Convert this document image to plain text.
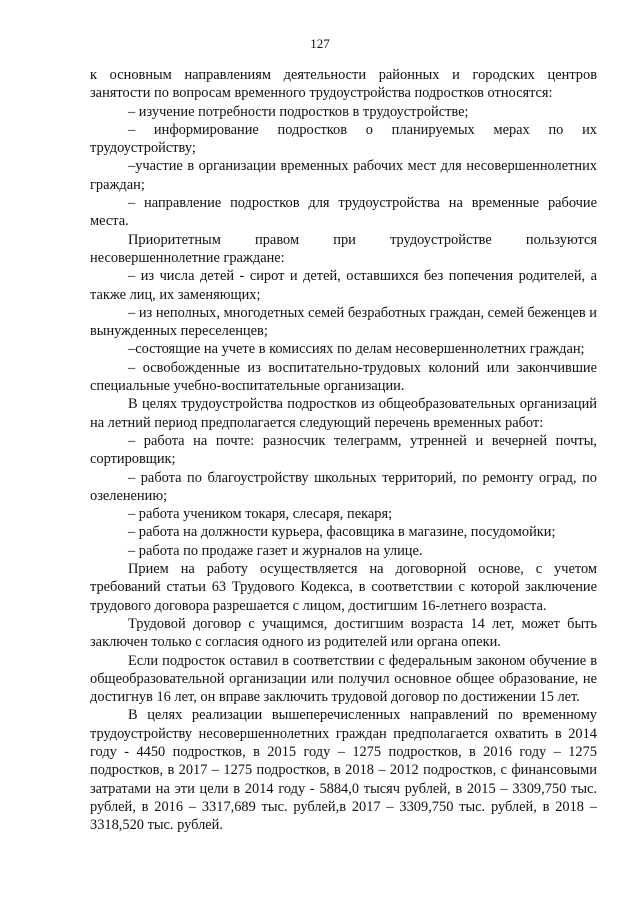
127

к основным направлениям деятельности районных и городских центров занятости по вопросам временного трудоустройства подростков относятся:

– изучение потребности подростков в трудоустройстве;

– информирование подростков о планируемых мерах по их трудоустройству;

–участие в организации временных рабочих мест для несовершеннолетних граждан;

– направление подростков для трудоустройства на временные рабочие места.

Приоритетным правом при трудоустройстве пользуются несовершеннолетние граждане:

– из числа детей - сирот и детей, оставшихся без попечения родителей, а также лиц, их заменяющих;

– из неполных, многодетных семей безработных граждан, семей беженцев и вынужденных переселенцев;

–состоящие на учете в комиссиях по делам несовершеннолетних граждан;

– освобожденные из воспитательно-трудовых колоний или закончившие специальные учебно-воспитательные организации.

В целях трудоустройства подростков из общеобразовательных организаций на летний период предполагается следующий перечень временных работ:

– работа на почте: разносчик телеграмм, утренней и вечерней почты, сортировщик;

– работа по благоустройству школьных территорий, по ремонту оград, по озеленению;

– работа учеником токаря, слесаря, пекаря;

– работа на должности курьера, фасовщика в магазине, посудомойки;

– работа по продаже газет и журналов на улице.

Прием на работу осуществляется на договорной основе, с учетом требований статьи 63 Трудового Кодекса, в соответствии с которой заключение трудового договора разрешается с лицом, достигшим 16-летнего возраста.

Трудовой договор с учащимся, достигшим возраста 14 лет, может быть заключен только с согласия одного из родителей или органа опеки.

Если подросток оставил в соответствии с федеральным законом обучение в общеобразовательной организации или получил основное общее образование, не достигнув 16 лет, он вправе заключить трудовой договор по достижении 15 лет.

В целях реализации вышеперечисленных направлений по временному трудоустройству несовершеннолетних граждан предполагается охватить в 2014 году - 4450 подростков, в 2015 году – 1275 подростков, в 2016 году – 1275 подростков, в 2017 – 1275 подростков, в 2018 – 2012 подростков, с финансовыми затратами на эти цели в 2014 году - 5884,0 тысяч рублей, в 2015 – 3309,750 тыс. рублей, в 2016 – 3317,689 тыс. рублей,в 2017 – 3309,750 тыс. рублей, в 2018 – 3318,520 тыс. рублей.
